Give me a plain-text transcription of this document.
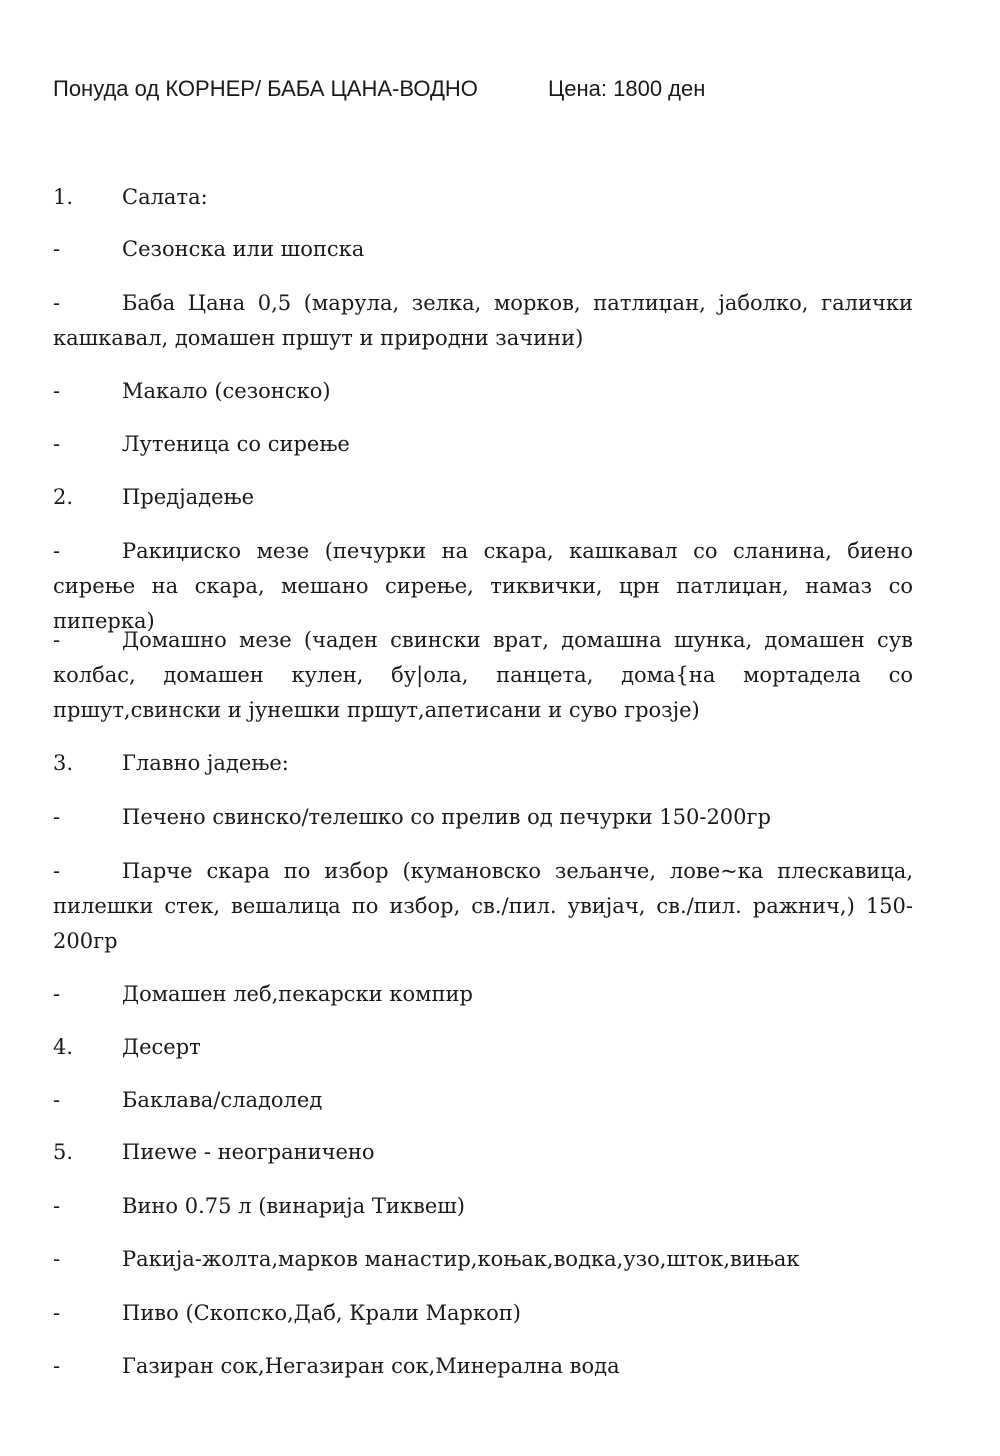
Понуда од КОРНЕР/ БАБА ЦАНА-ВОДНО	Цена: 1800 ден
1.	Салата:
-	Сезонска или шопска
-	Баба Цана 0,5 (марула, зелка, морков, патлиџан, јаболко, галички кашкавал, домашен пршут и природни зачини)
-	Макало (сезонско)
-	Лутеница со сирење
2.	Предјадење
-	Ракиџиско мезе (печурки на скара, кашкавал со сланина, биено сирење на скара, мешано сирење, тиквички, црн патлиџан, намаз со пиперка)
-	Домашно мезе (чаден свински врат, домашна шунка, домашен сув колбас, домашен кулен, бу|ола, панцета, дома{на мортадела со пршут,свински и јунешки пршут,апетисани и суво грозје)
3.	Главно јадење:
-	Печено свинско/телешко со прелив од печурки 150-200гр
-	Парче скара по избор (кумановско зељанче, лове~ка плескавица, пилешки стек, вешалица по избор, св./пил. увијач, св./пил. ражнич,) 150-200гр
-	Домашен леб,пекарски компир
4.	Десерт
-	Баклава/сладолед
5.	Пиеwе - неограничено
-	Вино 0.75 л (винарија Тиквеш)
-	Ракија-жолта,марков манастир,коњак,водка,узо,шток,вињак
-	Пиво (Скопско,Даб, Крали Маркоп)
-	Газиран сок,Негазиран сок,Минерална вода
